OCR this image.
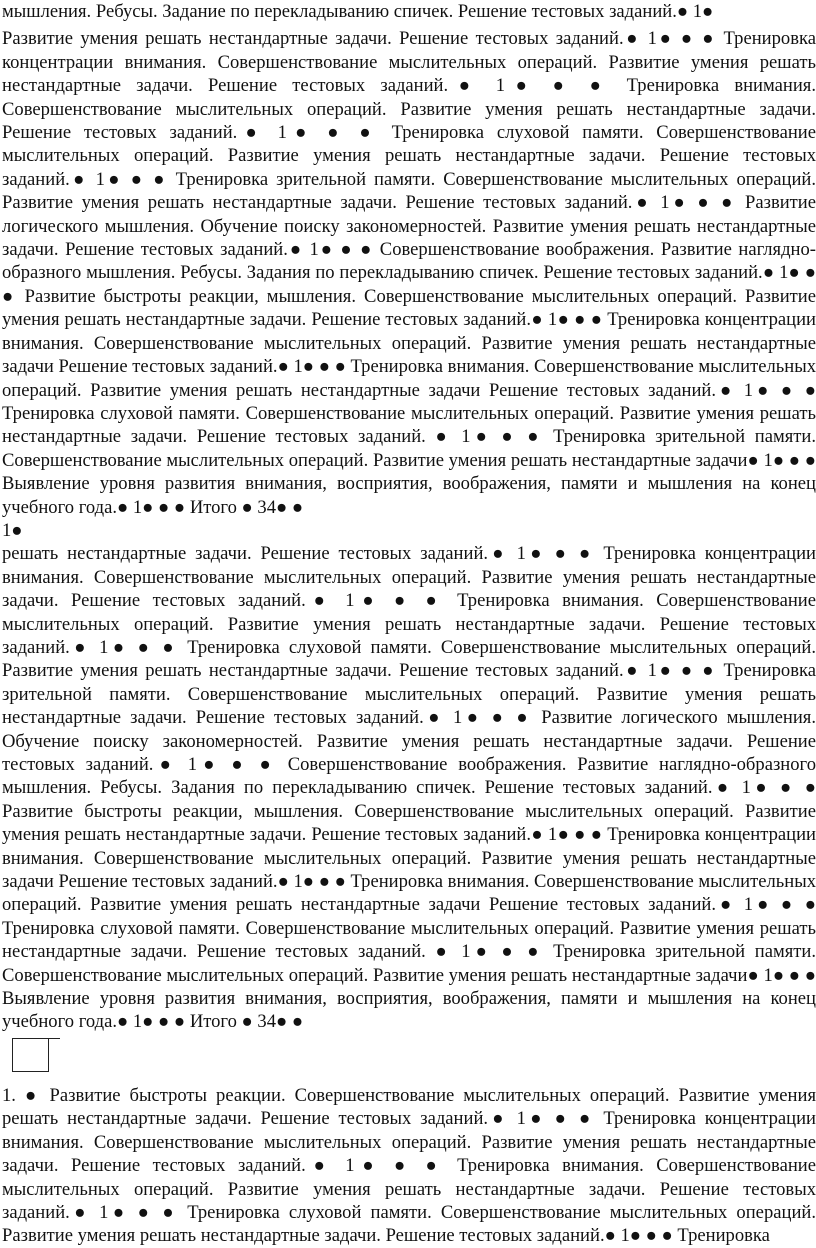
мышления. Ребусы. Задание по перекладыванию спичек. Решение тестовых заданий.● 1●

Развитие умения решать нестандартные задачи. Решение тестовых заданий.● 1● ● ● Тренировка концентрации внимания. Совершенствование мыслительных операций. Развитие умения решать нестандартные задачи. Решение тестовых заданий.● 1● ● ● Тренировка внимания. Совершенствование мыслительных операций. Развитие умения решать нестандартные задачи. Решение тестовых заданий.● 1● ● ● Тренировка слуховой памяти. Совершенствование мыслительных операций. Развитие умения решать нестандартные задачи. Решение тестовых заданий.● 1● ● ● Тренировка зрительной памяти. Совершенствование мыслительных операций. Развитие умения решать нестандартные задачи. Решение тестовых заданий.● 1● ● ● Развитие логического мышления. Обучение поиску закономерностей. Развитие умения решать нестандартные задачи. Решение тестовых заданий.● 1● ● ● Совершенствование воображения. Развитие наглядно-образного мышления. Ребусы. Задания по перекладыванию спичек. Решение тестовых заданий.● 1● ● ● Развитие быстроты реакции, мышления. Совершенствование мыслительных операций. Развитие умения решать нестандартные задачи. Решение тестовых заданий.● 1● ● ● Тренировка концентрации внимания. Совершенствование мыслительных операций. Развитие умения решать нестандартные задачи Решение тестовых заданий.● 1● ● ● Тренировка внимания. Совершенствование мыслительных операций. Развитие умения решать нестандартные задачи Решение тестовых заданий.● 1● ● ● Тренировка слуховой памяти. Совершенствование мыслительных операций. Развитие умения решать нестандартные задачи. Решение тестовых заданий. ● 1● ● ● Тренировка зрительной памяти. Совершенствование мыслительных операций. Развитие умения решать нестандартные задачи● 1● ● ● Выявление уровня развития внимания, восприятия, воображения, памяти и мышления на конец учебного года.● 1● ● ● Итого ● 34● ●

1●

решать нестандартные задачи. Решение тестовых заданий.● 1● ● ● Тренировка концентрации внимания. Совершенствование мыслительных операций. Развитие умения решать нестандартные задачи. Решение тестовых заданий.● 1● ● ● Тренировка внимания. Совершенствование мыслительных операций. Развитие умения решать нестандартные задачи. Решение тестовых заданий.● 1● ● ● Тренировка слуховой памяти. Совершенствование мыслительных операций. Развитие умения решать нестандартные задачи. Решение тестовых заданий.● 1● ● ● Тренировка зрительной памяти. Совершенствование мыслительных операций. Развитие умения решать нестандартные задачи. Решение тестовых заданий.● 1● ● ● Развитие логического мышления. Обучение поиску закономерностей. Развитие умения решать нестандартные задачи. Решение тестовых заданий.● 1● ● ● Совершенствование воображения. Развитие наглядно-образного мышления. Ребусы. Задания по перекладыванию спичек. Решение тестовых заданий.● 1● ● ● Развитие быстроты реакции, мышления. Совершенствование мыслительных операций. Развитие умения решать нестандартные задачи. Решение тестовых заданий.● 1● ● ● Тренировка концентрации внимания. Совершенствование мыслительных операций. Развитие умения решать нестандартные задачи Решение тестовых заданий.● 1● ● ● Тренировка внимания. Совершенствование мыслительных операций. Развитие умения решать нестандартные задачи Решение тестовых заданий.● 1● ● ● Тренировка слуховой памяти. Совершенствование мыслительных операций. Развитие умения решать нестандартные задачи. Решение тестовых заданий. ● 1● ● ● Тренировка зрительной памяти. Совершенствование мыслительных операций. Развитие умения решать нестандартные задачи● 1● ● ● Выявление уровня развития внимания, восприятия, воображения, памяти и мышления на конец учебного года.● 1● ● ● Итого ● 34● ●

1. ● Развитие быстроты реакции. Совершенствование мыслительных операций. Развитие умения решать нестандартные задачи. Решение тестовых заданий.● 1● ● ● Тренировка концентрации внимания. Совершенствование мыслительных операций. Развитие умения решать нестандартные задачи. Решение тестовых заданий.● 1● ● ● Тренировка внимания. Совершенствование мыслительных операций. Развитие умения решать нестандартные задачи. Решение тестовых заданий.● 1● ● ● Тренировка слуховой памяти. Совершенствование мыслительных операций. Развитие умения решать нестандартные задачи. Решение тестовых заданий.● 1● ● ● Тренировка
